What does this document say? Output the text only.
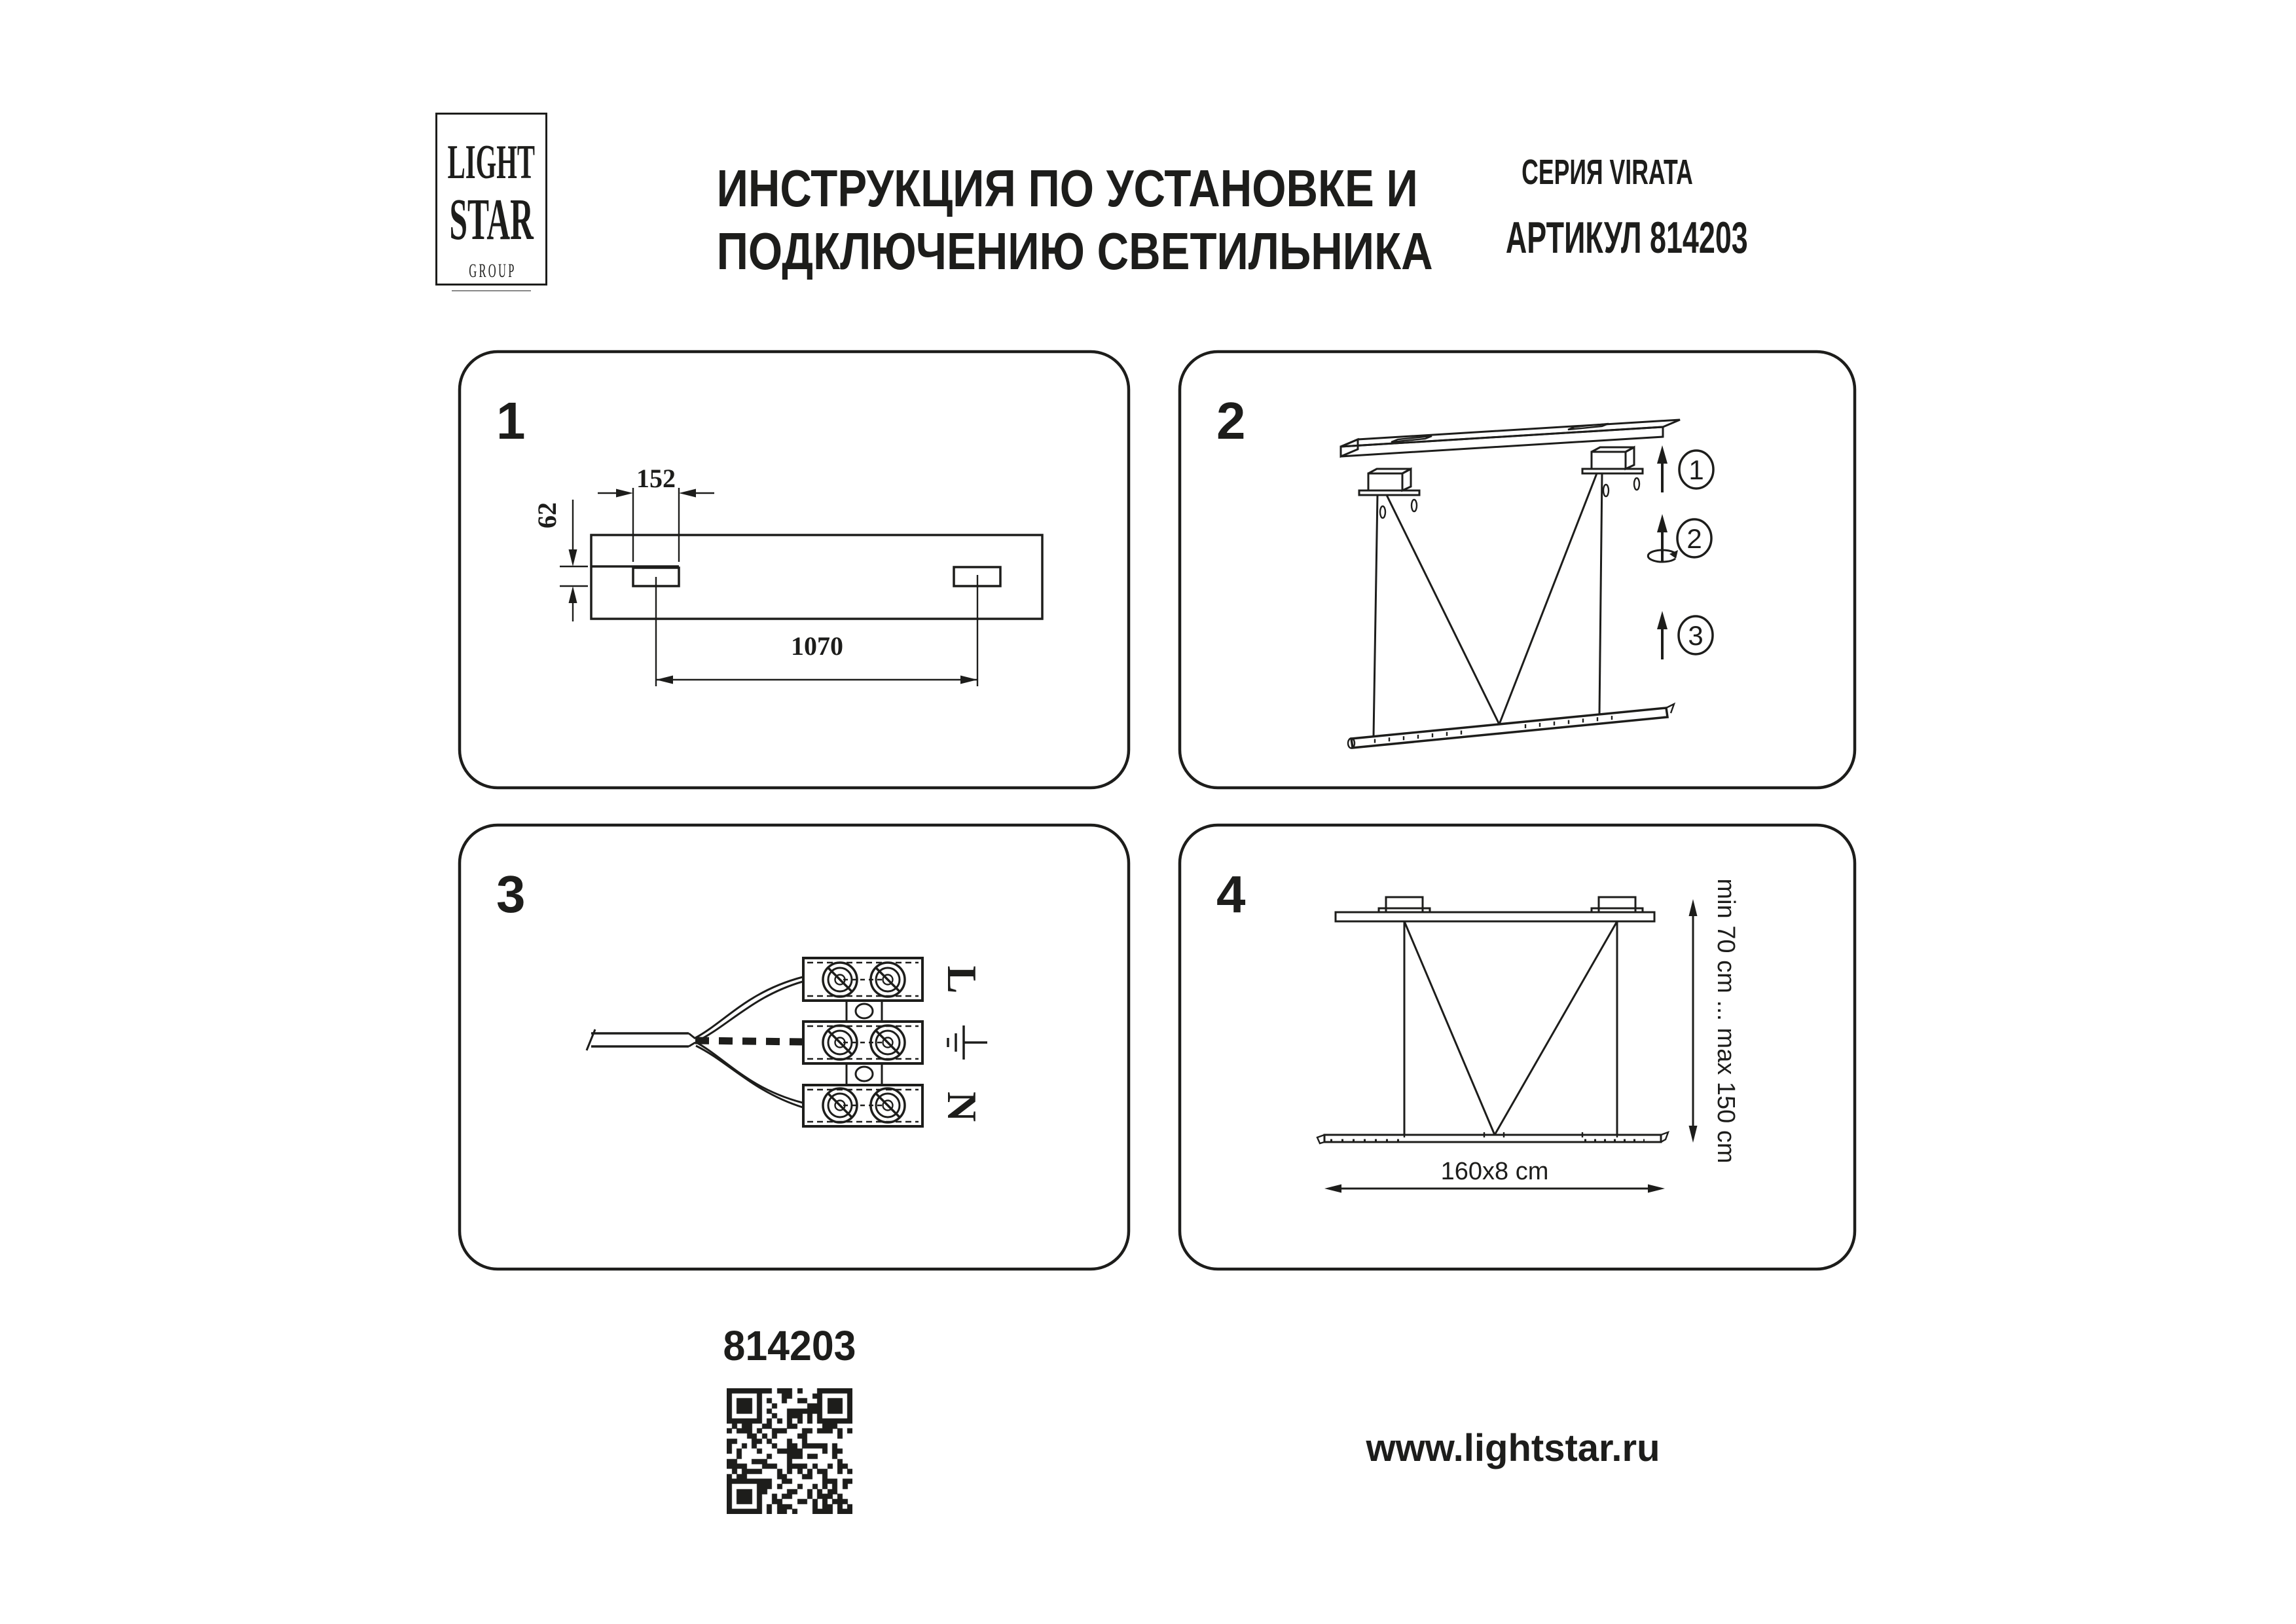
LIGHT
STAR
GROUP
ИНСТРУКЦИЯ ПО УСТАНОВКЕ И
ПОДКЛЮЧЕНИЮ СВЕТИЛЬНИКА
СЕРИЯ VIRATA
АРТИКУЛ 814203
1
152
62
1070
2
1
2
3
3
L
N
4	min 70 cm ... max 150 cm
160x8 cm
814203
www.lightstar.ru
